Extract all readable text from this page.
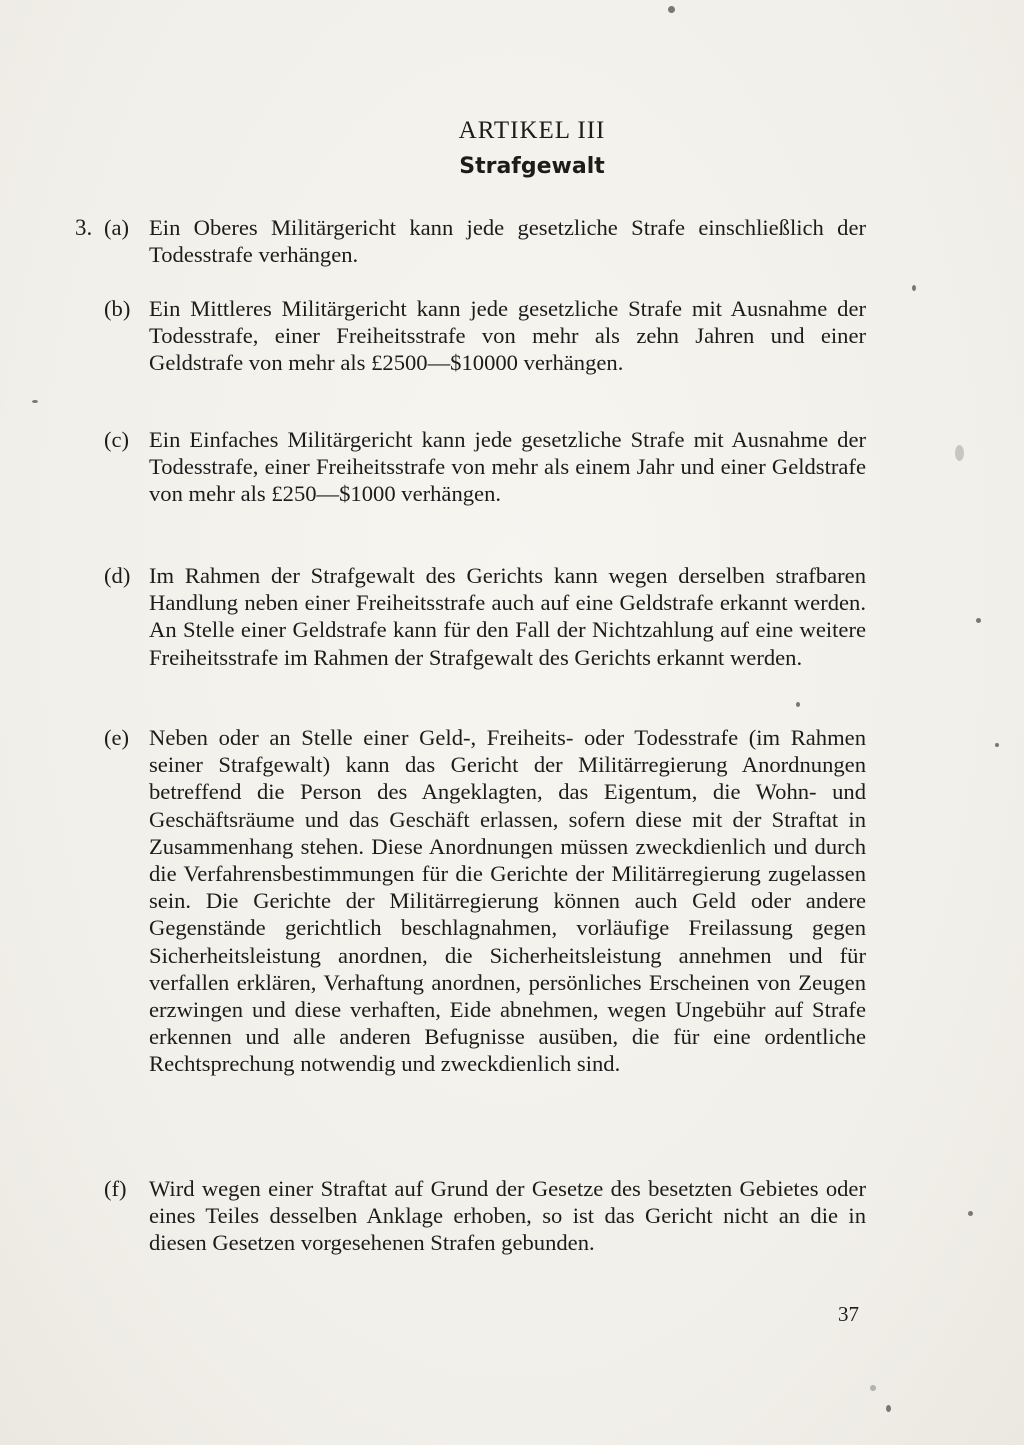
ARTIKEL III
Strafgewalt
3. (a) Ein Oberes Militärgericht kann jede gesetzliche Strafe einschließlich der Todesstrafe verhängen.
(b) Ein Mittleres Militärgericht kann jede gesetzliche Strafe mit Ausnahme der Todesstrafe, einer Freiheitsstrafe von mehr als zehn Jahren und einer Geldstrafe von mehr als £2500—$10000 verhängen.
(c) Ein Einfaches Militärgericht kann jede gesetzliche Strafe mit Ausnahme der Todesstrafe, einer Freiheitsstrafe von mehr als einem Jahr und einer Geldstrafe von mehr als £250—$1000 verhängen.
(d) Im Rahmen der Strafgewalt des Gerichts kann wegen derselben strafbaren Handlung neben einer Freiheitsstrafe auch auf eine Geldstrafe erkannt werden. An Stelle einer Geldstrafe kann für den Fall der Nichtzahlung auf eine weitere Freiheitsstrafe im Rahmen der Strafgewalt des Gerichts erkannt werden.
(e) Neben oder an Stelle einer Geld-, Freiheits- oder Todesstrafe (im Rahmen seiner Strafgewalt) kann das Gericht der Militärregierung Anordnungen betreffend die Person des Angeklagten, das Eigentum, die Wohn- und Geschäftsräume und das Geschäft erlassen, sofern diese mit der Straftat in Zusammenhang stehen. Diese Anordnungen müssen zweckdienlich und durch die Verfahrensbestimmungen für die Gerichte der Militärregierung zugelassen sein. Die Gerichte der Militärregierung können auch Geld oder andere Gegenstände gerichtlich beschlagnahmen, vorläufige Freilassung gegen Sicherheitsleistung anordnen, die Sicherheitsleistung annehmen und für verfallen erklären, Verhaftung anordnen, persönliches Erscheinen von Zeugen erzwingen und diese verhaften, Eide abnehmen, wegen Ungebühr auf Strafe erkennen und alle anderen Befugnisse ausüben, die für eine ordentliche Rechtsprechung notwendig und zweckdienlich sind.
(f) Wird wegen einer Straftat auf Grund der Gesetze des besetzten Gebietes oder eines Teiles desselben Anklage erhoben, so ist das Gericht nicht an die in diesen Gesetzen vorgesehenen Strafen gebunden.
37
